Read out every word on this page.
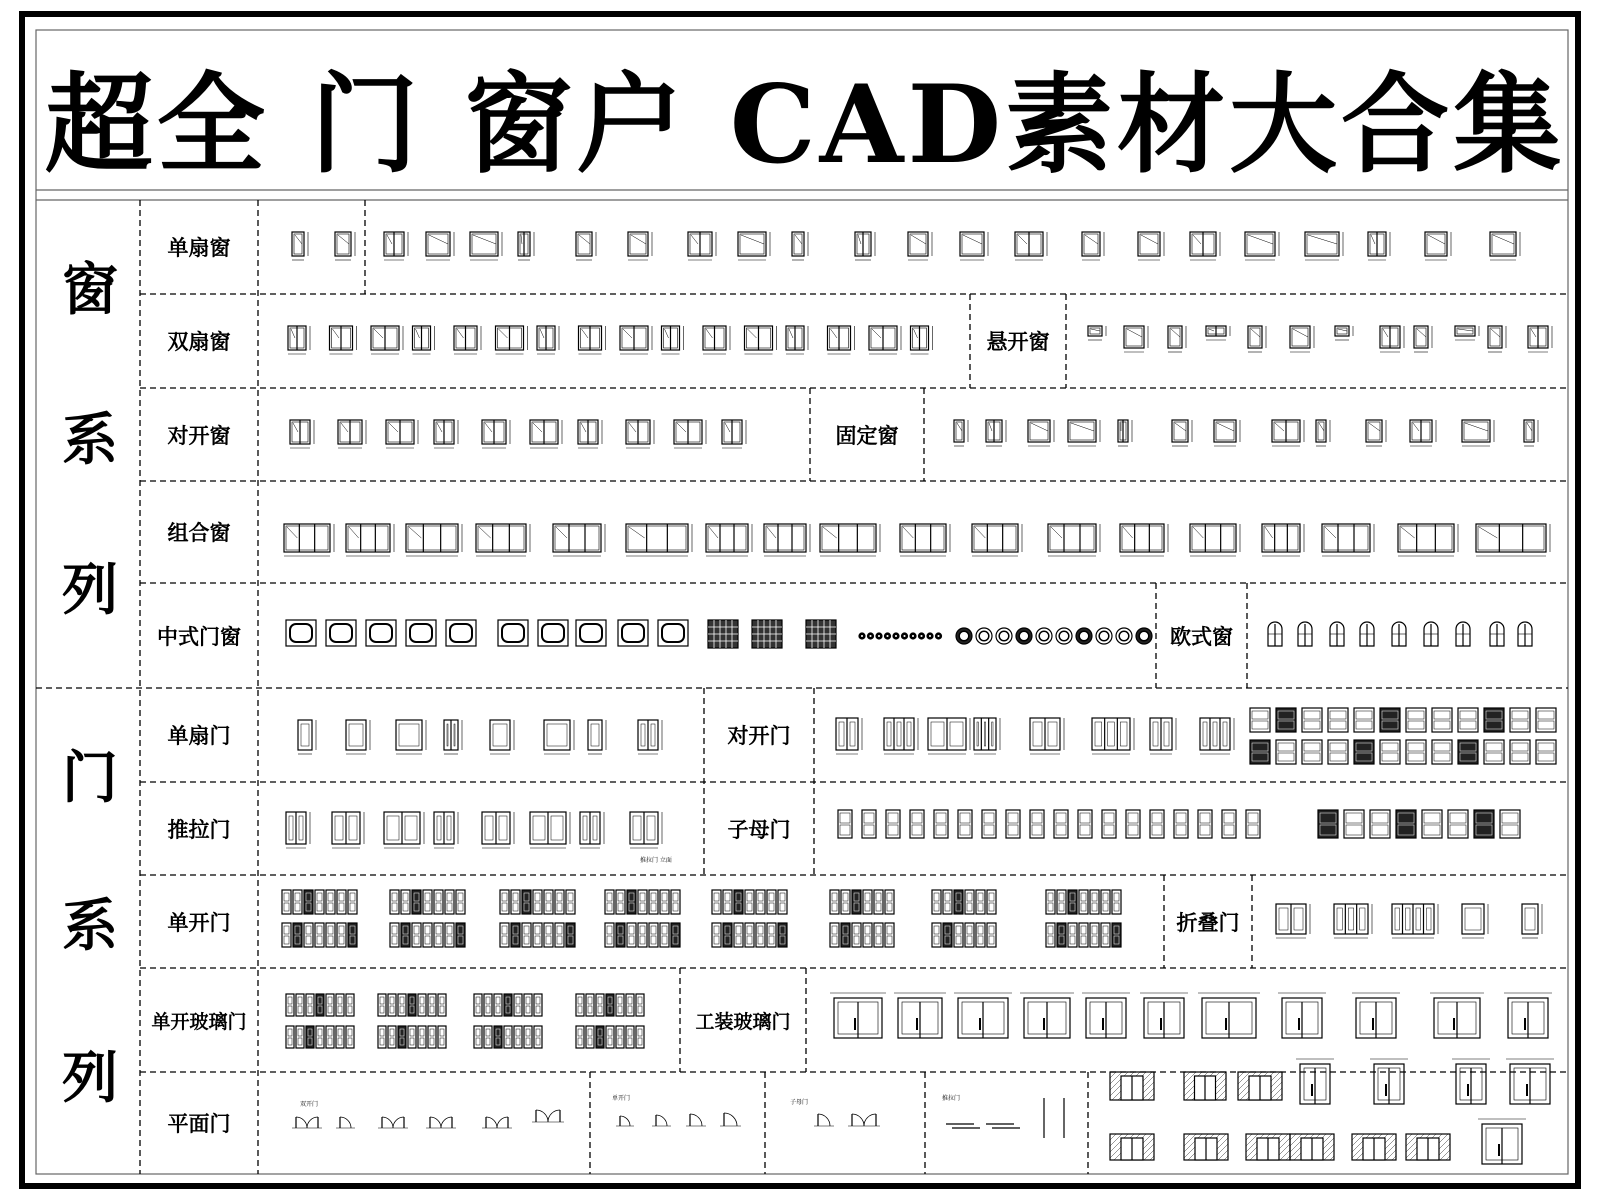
双开门
单开门
子母门
推拉门
推拉门 立面
超全 门 窗户 CAD素材大合集
窗
系
列
门
系
列
单扇窗
双扇窗	悬开窗
对开窗	固定窗
组合窗
中式门窗	欧式窗
单扇门	对开门
推拉门	子母门
单开门	折叠门
单开玻璃门	工装玻璃门
平面门
